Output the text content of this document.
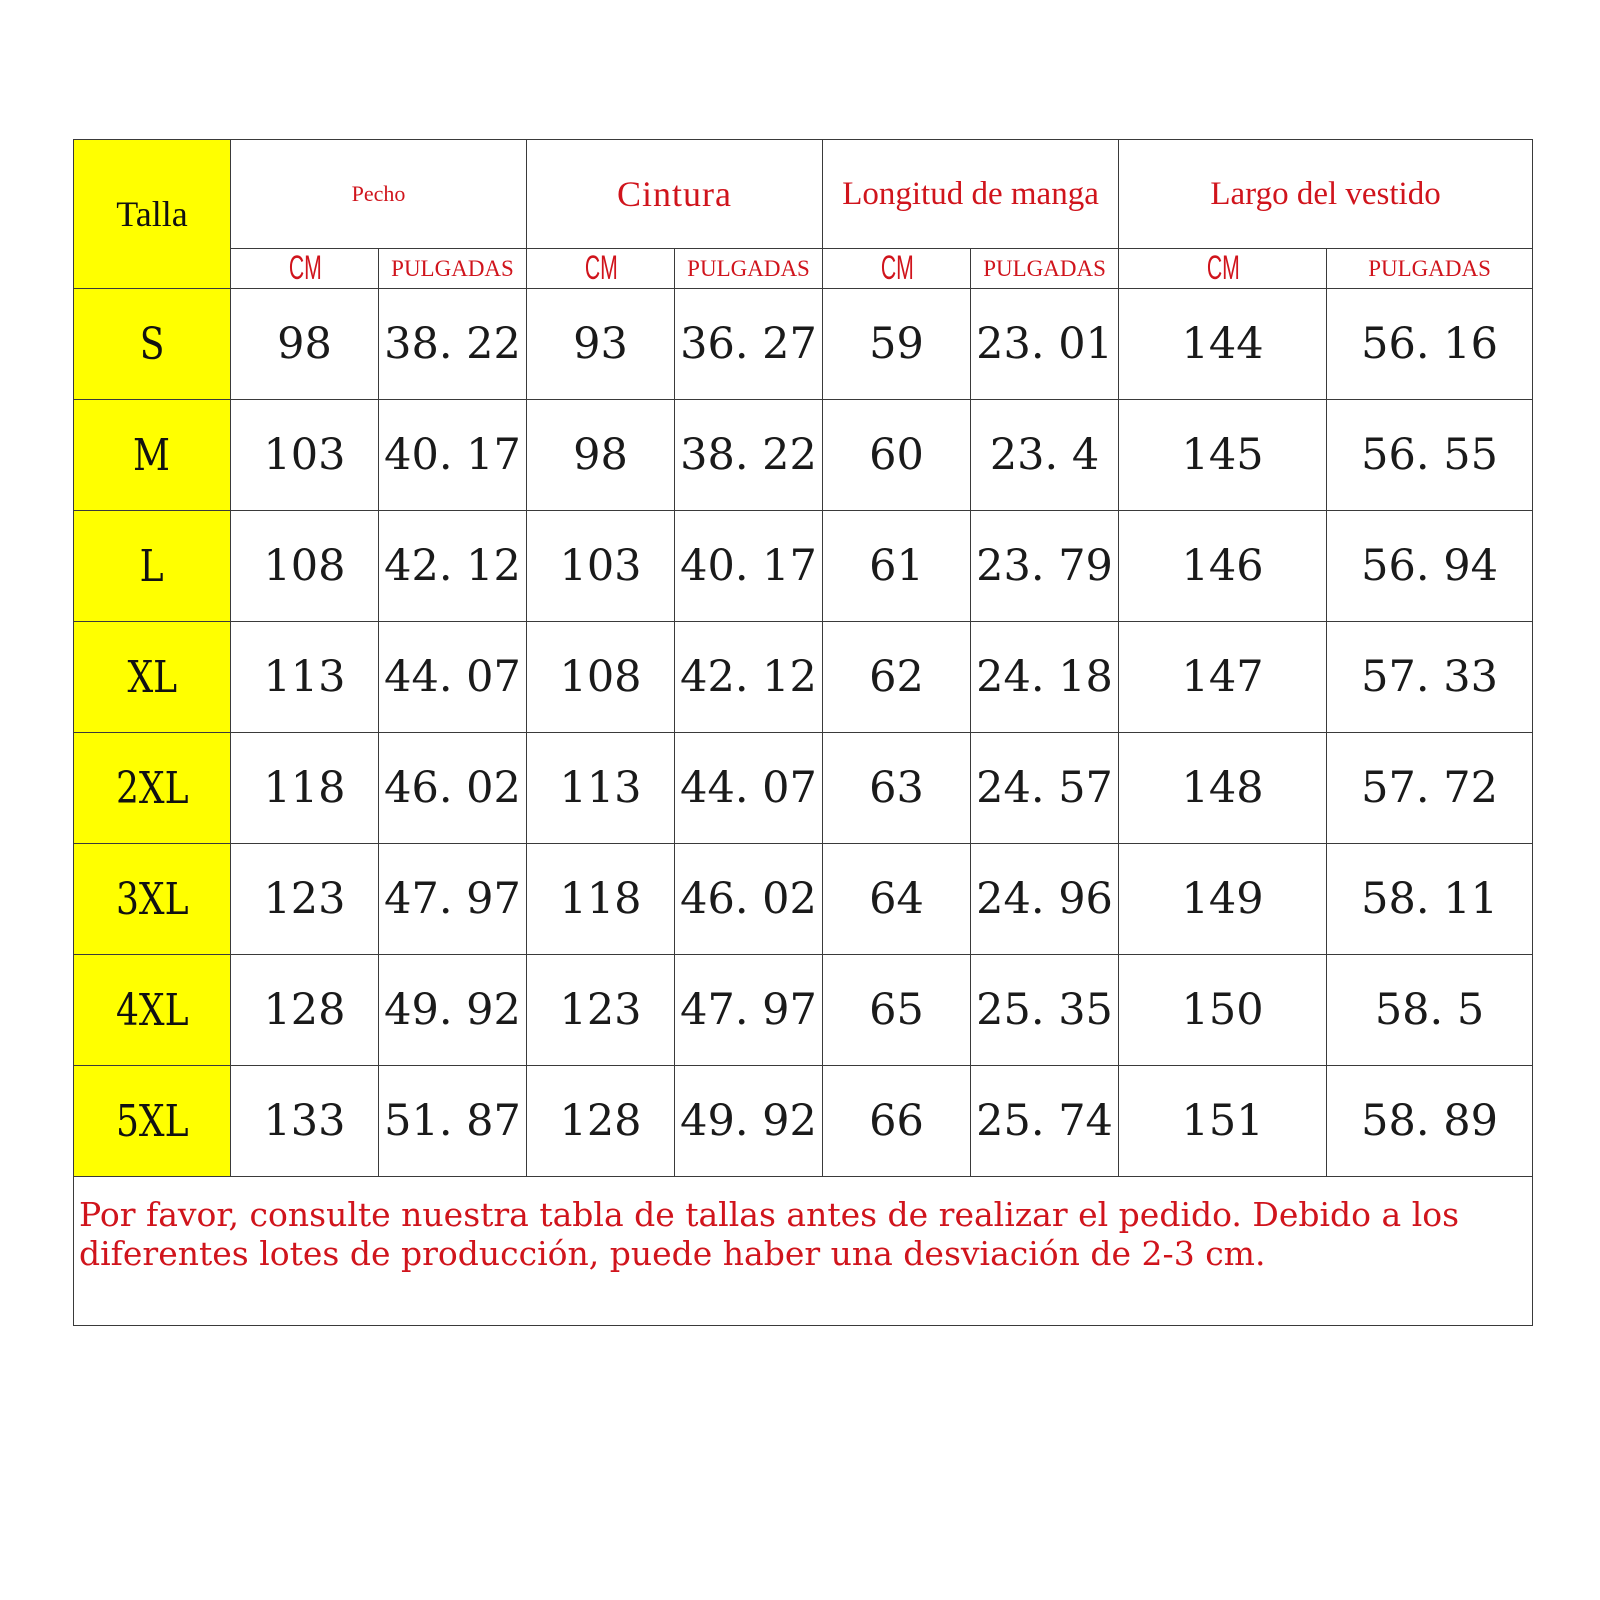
Talla	Pecho		Cintura		Longitud de manga		Largo del vestido	
	CM	PULGADAS	CM	PULGADAS	CM	PULGADAS	CM	PULGADAS
S	98	38. 22	93	36. 27	59	23. 01	144	56. 16
M	103	40. 17	98	38. 22	60	23. 4	145	56. 55
L	108	42. 12	103	40. 17	61	23. 79	146	56. 94
XL	113	44. 07	108	42. 12	62	24. 18	147	57. 33
2XL	118	46. 02	113	44. 07	63	24. 57	148	57. 72
3XL	123	47. 97	118	46. 02	64	24. 96	149	58. 11
4XL	128	49. 92	123	47. 97	65	25. 35	150	58. 5
5XL	133	51. 87	128	49. 92	66	25. 74	151	58. 89
Por favor, consulte nuestra tabla de tallas antes de realizar el pedido. Debido a los diferentes lotes de producción, puede haber una desviación de 2-3 cm.								
